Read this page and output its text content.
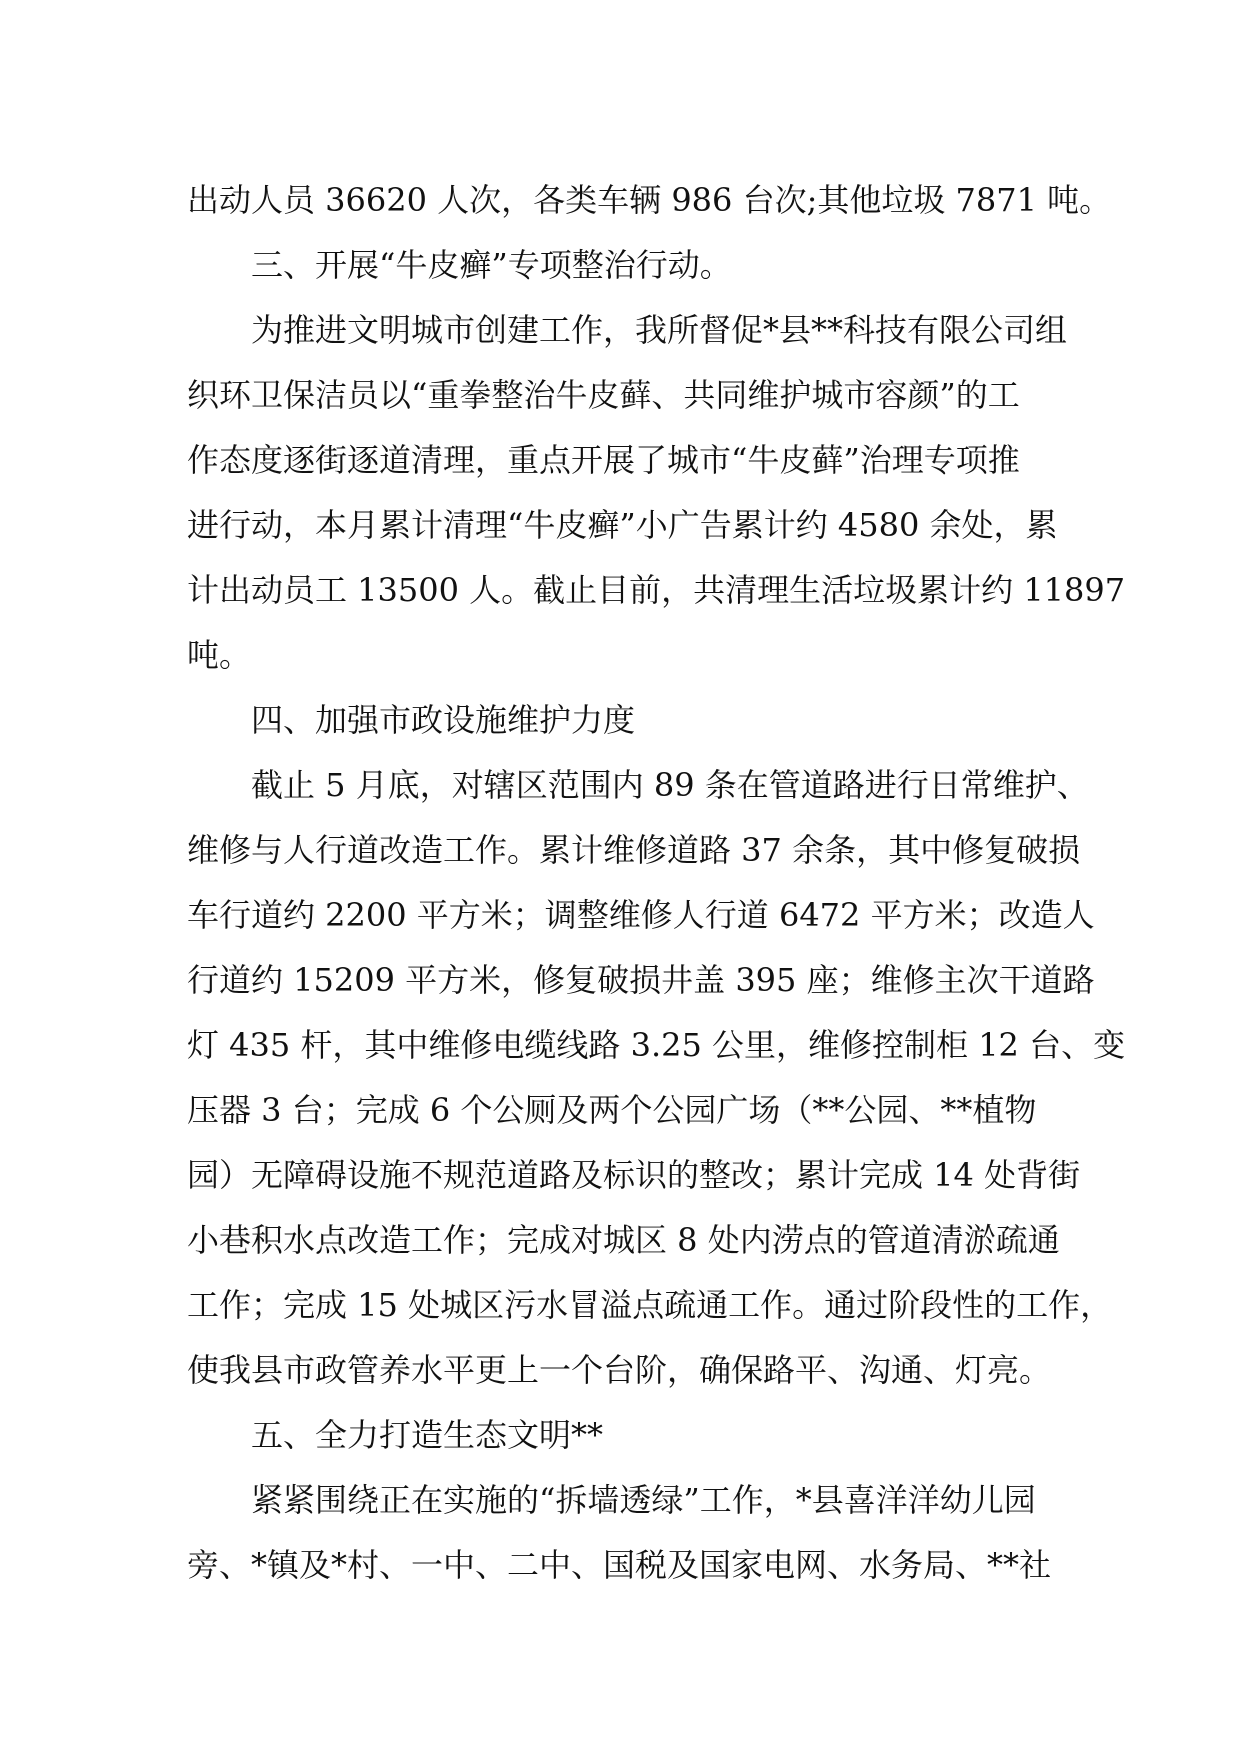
出动人员 36620 人次，各类车辆 986 台次;其他垃圾 7871 吨。
三、开展“牛皮癣”专项整治行动。
为推进文明城市创建工作，我所督促*县**科技有限公司组
织环卫保洁员以“重拳整治牛皮藓、共同维护城市容颜”的工
作态度逐街逐道清理，重点开展了城市“牛皮藓”治理专项推
进行动，本月累计清理“牛皮癣”小广告累计约 4580 余处，累
计出动员工 13500 人。截止目前，共清理生活垃圾累计约 11897
吨。
四、加强市政设施维护力度
截止 5 月底，对辖区范围内 89 条在管道路进行日常维护、
维修与人行道改造工作。累计维修道路 37 余条，其中修复破损
车行道约 2200 平方米；调整维修人行道 6472 平方米；改造人
行道约 15209 平方米，修复破损井盖 395 座；维修主次干道路
灯 435 杆，其中维修电缆线路 3.25 公里，维修控制柜 12 台、变
压器 3 台；完成 6 个公厕及两个公园广场（**公园、**植物
园）无障碍设施不规范道路及标识的整改；累计完成 14 处背街
小巷积水点改造工作；完成对城区 8 处内涝点的管道清淤疏通
工作；完成 15 处城区污水冒溢点疏通工作。通过阶段性的工作，
使我县市政管养水平更上一个台阶，确保路平、沟通、灯亮。
五、全力打造生态文明**
紧紧围绕正在实施的“拆墙透绿”工作，*县喜洋洋幼儿园
旁、*镇及*村、一中、二中、国税及国家电网、水务局、**社
